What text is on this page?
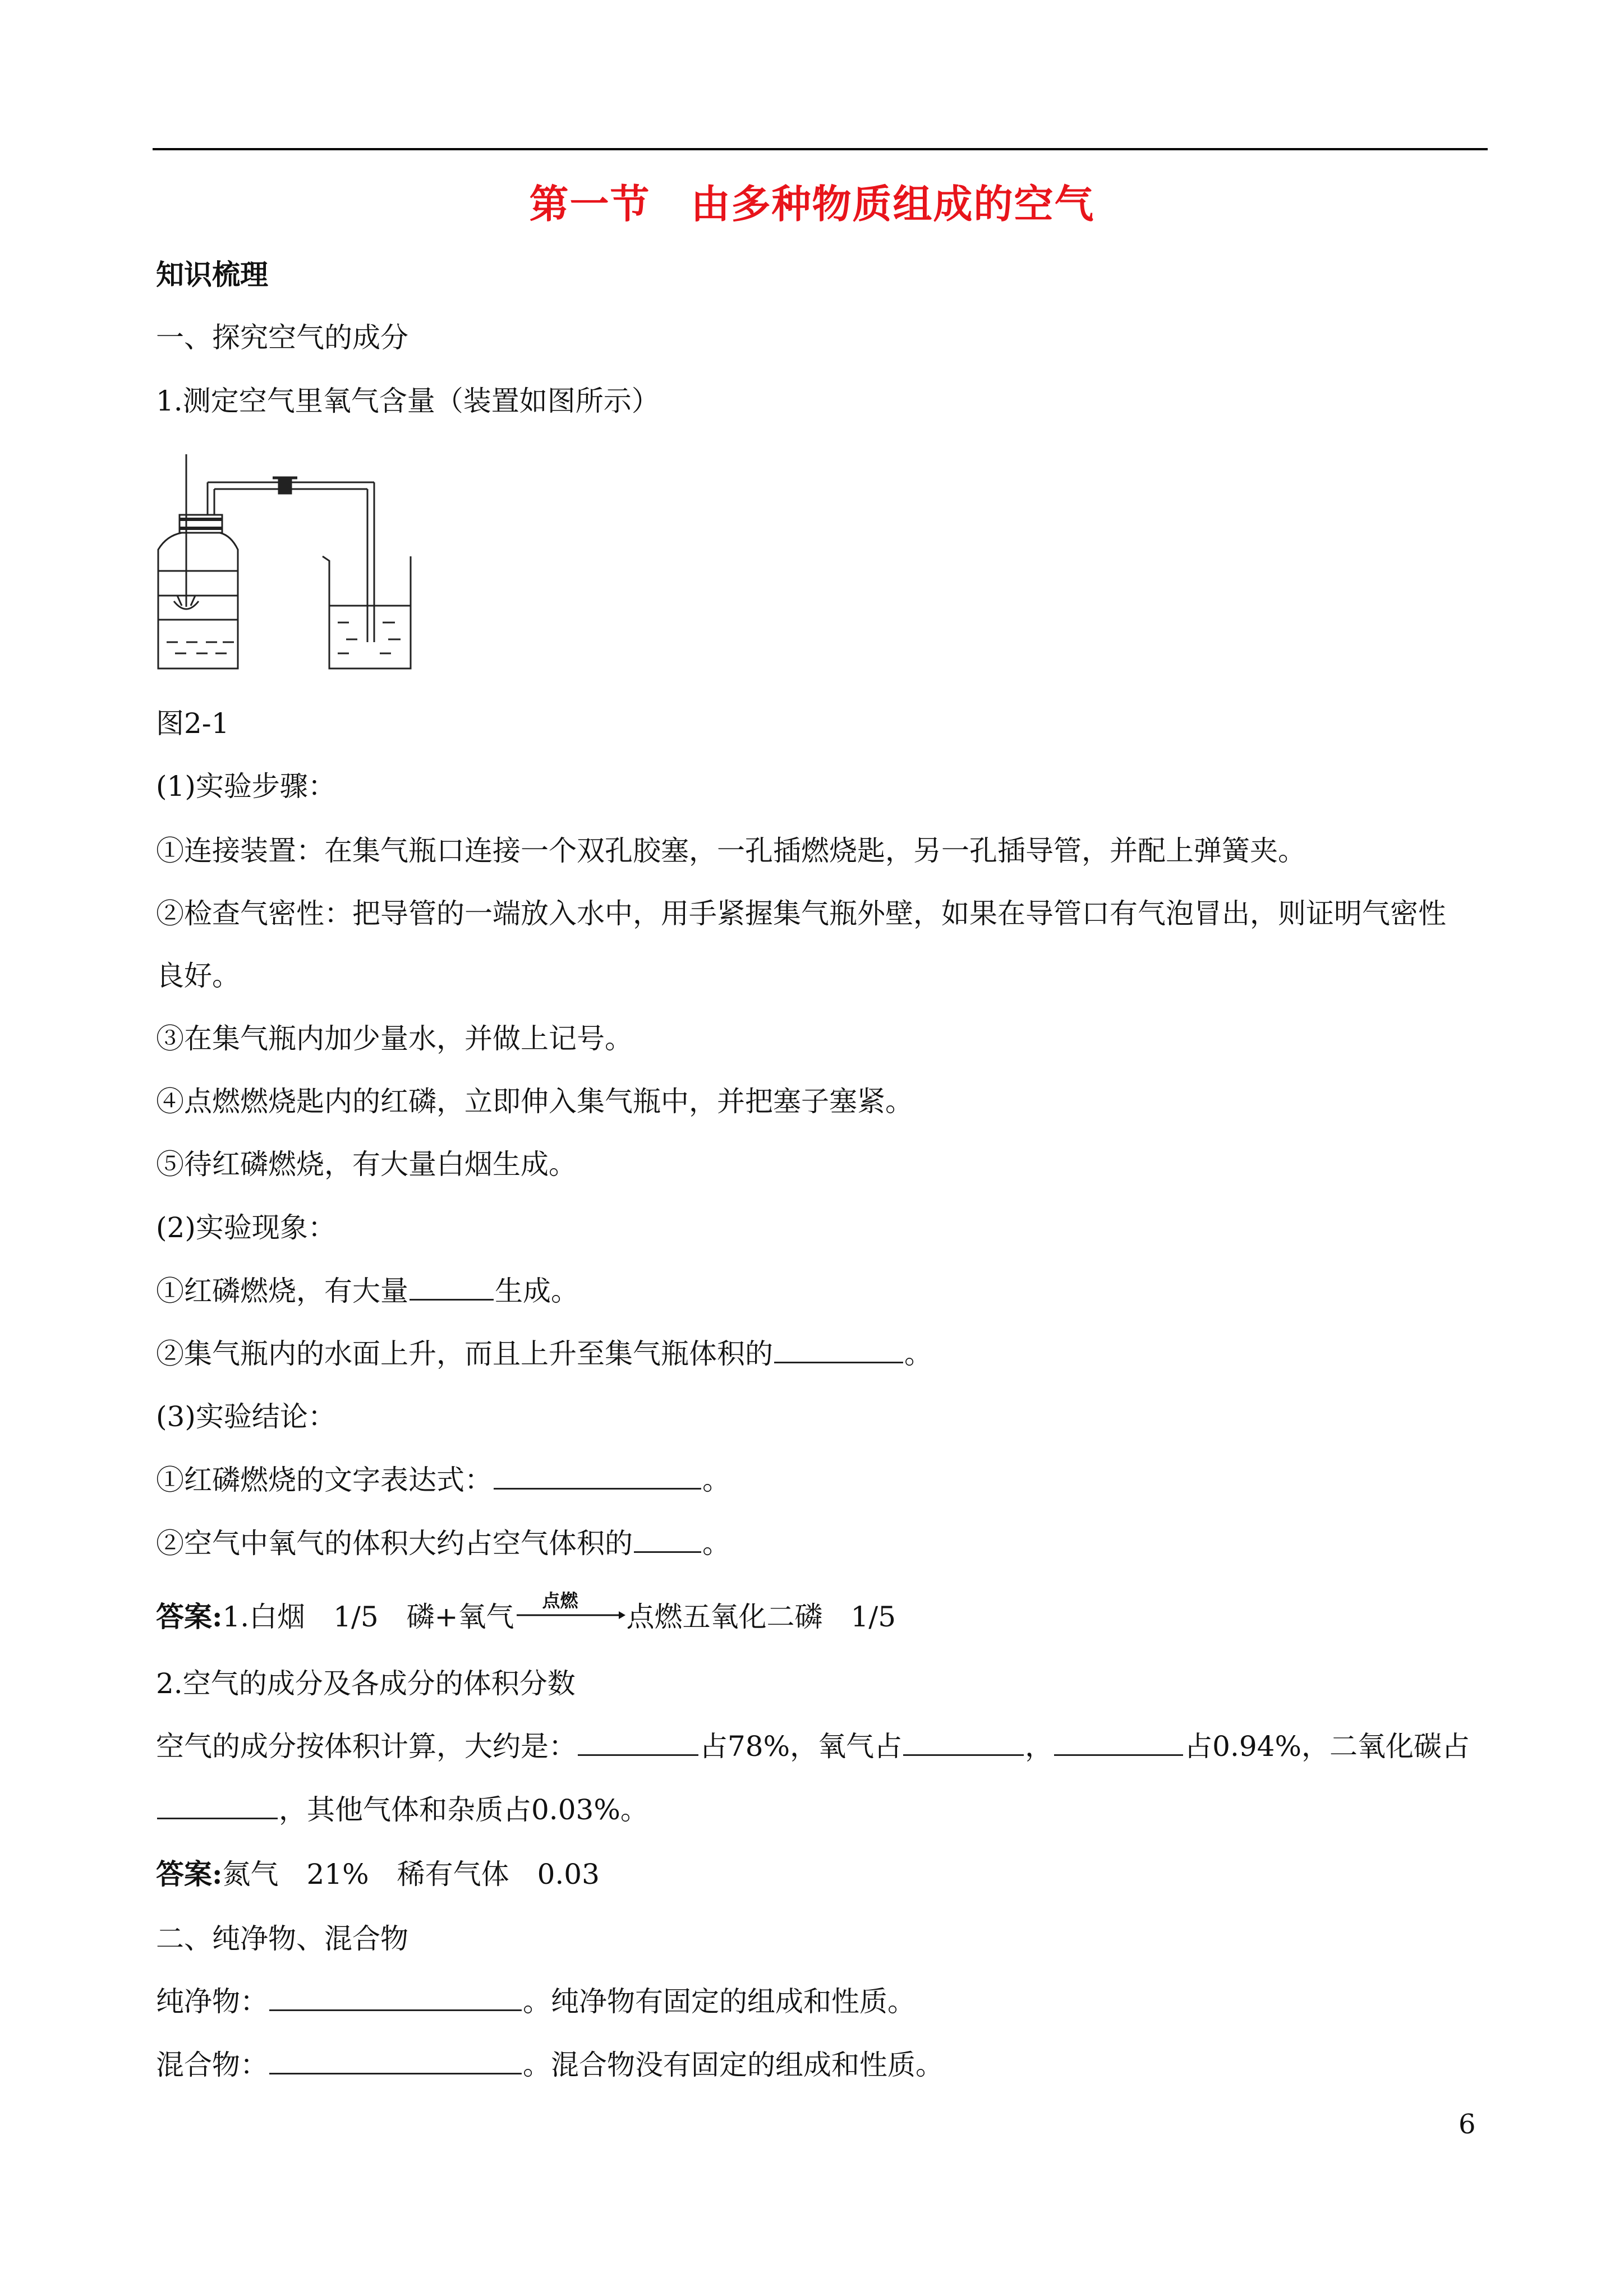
第一节　由多种物质组成的空气
知识梳理
一、探究空气的成分
1.测定空气里氧气含量（装置如图所示）
图2-1
(1)实验步骤：
①连接装置：在集气瓶口连接一个双孔胶塞，一孔插燃烧匙，另一孔插导管，并配上弹簧夹。
②检查气密性：把导管的一端放入水中，用手紧握集气瓶外壁，如果在导管口有气泡冒出，则证明气密性
良好。
③在集气瓶内加少量水，并做上记号。
④点燃燃烧匙内的红磷，立即伸入集气瓶中，并把塞子塞紧。
⑤待红磷燃烧，有大量白烟生成。
(2)实验现象：
①红磷燃烧，有大量	生成。
②集气瓶内的水面上升，而且上升至集气瓶体积的	。
(3)实验结论：
①红磷燃烧的文字表达式：	。
②空气中氧气的体积大约占空气体积的 。
答案:1.白烟　1/5　磷+氧气 点燃 点燃五氧化二磷　1/5
2.空气的成分及各成分的体积分数
空气的成分按体积计算，大约是：	占78%，氧气占	，	占0.94%，二氧化碳占
，其他气体和杂质占0.03%。
答案:氮气　21%　稀有气体　0.03
二、纯净物、混合物
纯净物：	。纯净物有固定的组成和性质。
混合物：	。混合物没有固定的组成和性质。
6
